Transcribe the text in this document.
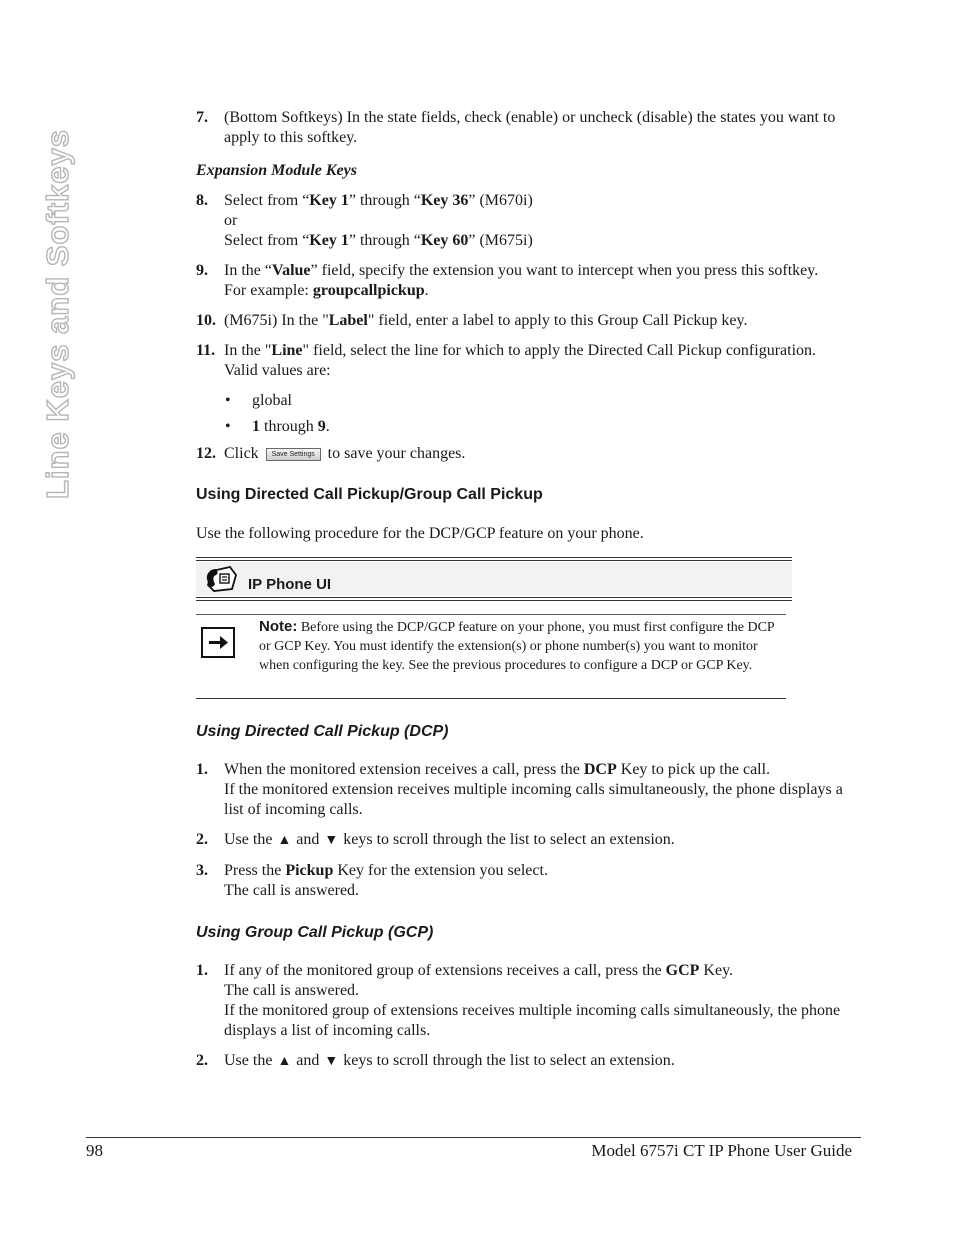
Line Keys and Softkeys
7. (Bottom Softkeys) In the state fields, check (enable) or uncheck (disable) the states you want to apply to this softkey.
Expansion Module Keys
8. Select from “Key 1” through “Key 36” (M670i)
or
Select from “Key 1” through “Key 60” (M675i)
9. In the “Value” field, specify the extension you want to intercept when you press this softkey.
For example: groupcallpickup.
10. (M675i) In the "Label" field, enter a label to apply to this Group Call Pickup key.
11. In the "Line" field, select the line for which to apply the Directed Call Pickup configuration.
Valid values are:
• global
• 1 through 9.
12. Click Save Settings to save your changes.
Using Directed Call Pickup/Group Call Pickup
Use the following procedure for the DCP/GCP feature on your phone.
IP Phone UI
Note: Before using the DCP/GCP feature on your phone, you must first configure the DCP or GCP Key. You must identify the extension(s) or phone number(s) you want to monitor when configuring the key. See the previous procedures to configure a DCP or GCP Key.
Using Directed Call Pickup (DCP)
1. When the monitored extension receives a call, press the DCP Key to pick up the call.
If the monitored extension receives multiple incoming calls simultaneously, the phone displays a list of incoming calls.
2. Use the ▲ and ▼ keys to scroll through the list to select an extension.
3. Press the Pickup Key for the extension you select.
The call is answered.
Using Group Call Pickup (GCP)
1. If any of the monitored group of extensions receives a call, press the GCP Key.
The call is answered.
If the monitored group of extensions receives multiple incoming calls simultaneously, the phone displays a list of incoming calls.
2. Use the ▲ and ▼ keys to scroll through the list to select an extension.
98	Model 6757i CT IP Phone User Guide
